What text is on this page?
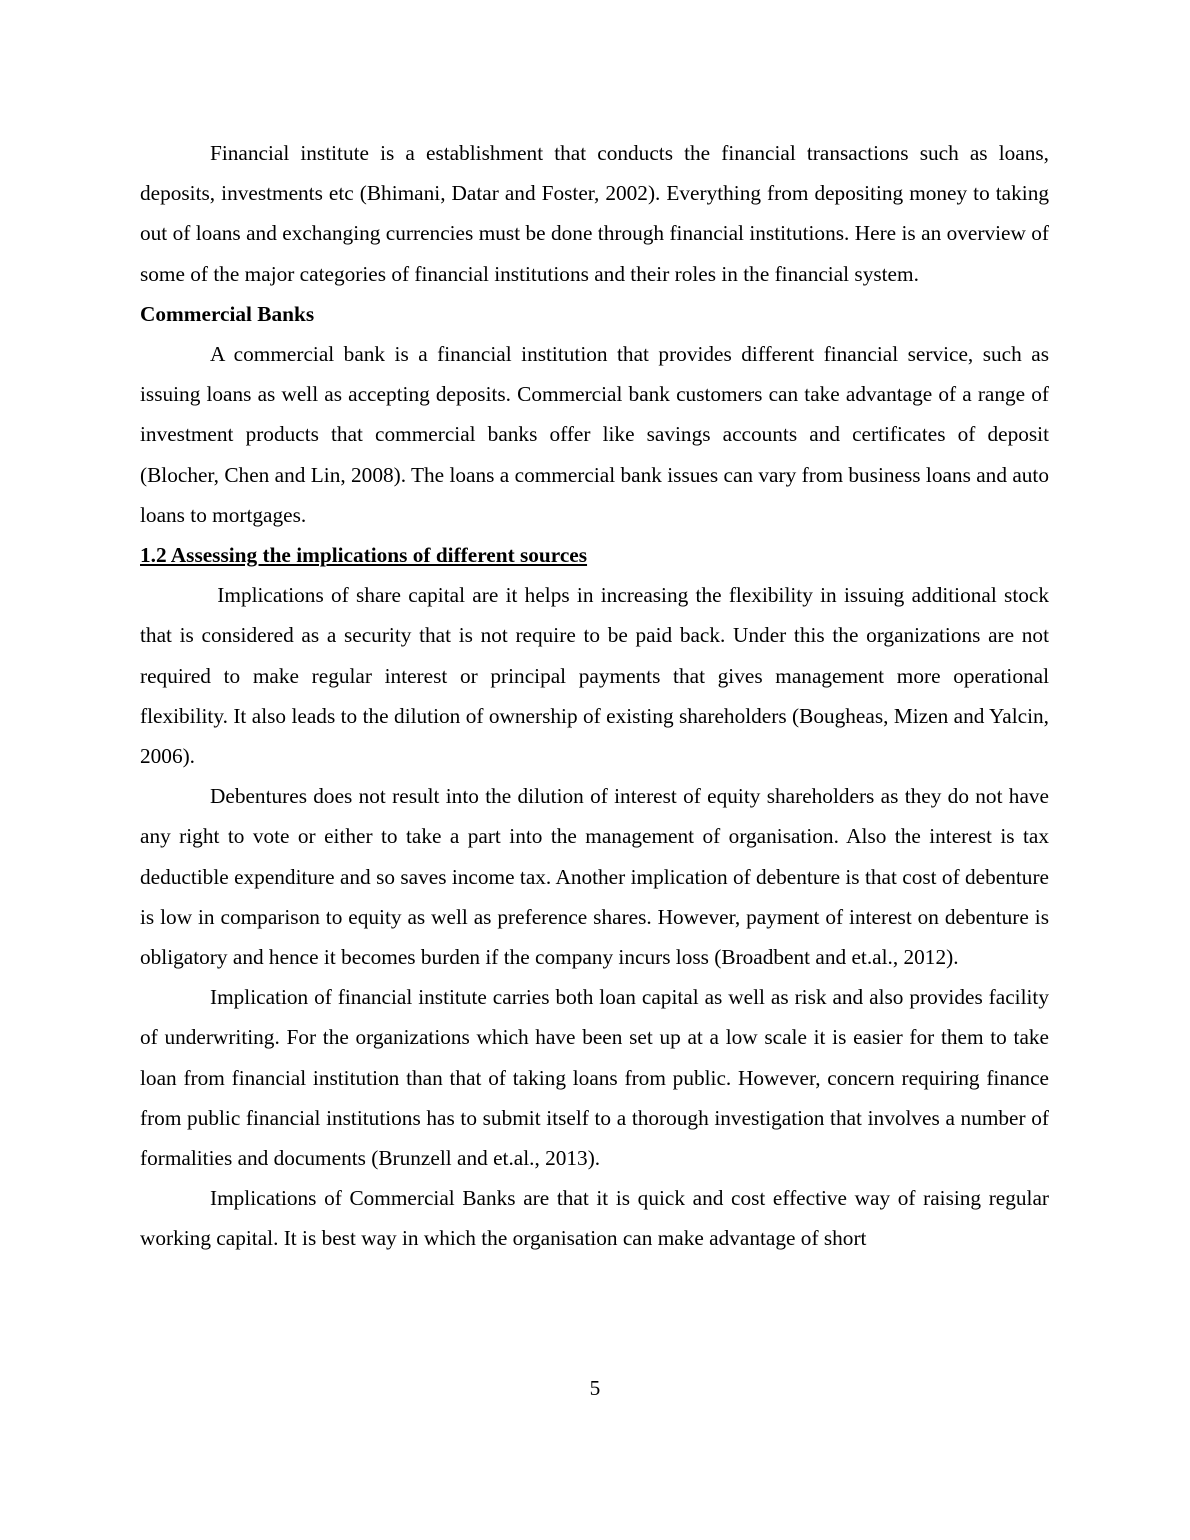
Financial institute is a establishment that conducts the financial transactions such as loans, deposits, investments etc (Bhimani, Datar and Foster, 2002). Everything from depositing money to taking out of loans and exchanging currencies must be done through financial institutions. Here is an overview of some of the major categories of financial institutions and their roles in the financial system.

Commercial Banks

A commercial bank is a financial institution that provides different financial service, such as issuing loans as well as accepting deposits. Commercial bank customers can take advantage of a range of investment products that commercial banks offer like savings accounts and certificates of deposit (Blocher, Chen and Lin, 2008). The loans a commercial bank issues can vary from business loans and auto loans to mortgages.

1.2 Assessing the implications of different sources

Implications of share capital are it helps in increasing the flexibility in issuing additional stock that is considered as a security that is not require to be paid back. Under this the organizations are not required to make regular interest or principal payments that gives management more operational flexibility. It also leads to the dilution of ownership of existing shareholders (Bougheas, Mizen and Yalcin, 2006).

Debentures does not result into the dilution of interest of equity shareholders as they do not have any right to vote or either to take a part into the management of organisation. Also the interest is tax deductible expenditure and so saves income tax. Another implication of debenture is that cost of debenture is low in comparison to equity as well as preference shares. However, payment of interest on debenture is obligatory and hence it becomes burden if the company incurs loss (Broadbent and et.al., 2012).

Implication of financial institute carries both loan capital as well as risk and also provides facility of underwriting. For the organizations which have been set up at a low scale it is easier for them to take loan from financial institution than that of taking loans from public. However, concern requiring finance from public financial institutions has to submit itself to a thorough investigation that involves a number of formalities and documents (Brunzell and et.al., 2013).

Implications of Commercial Banks are that it is quick and cost effective way of raising regular working capital. It is best way in which the organisation can make advantage of short

5
